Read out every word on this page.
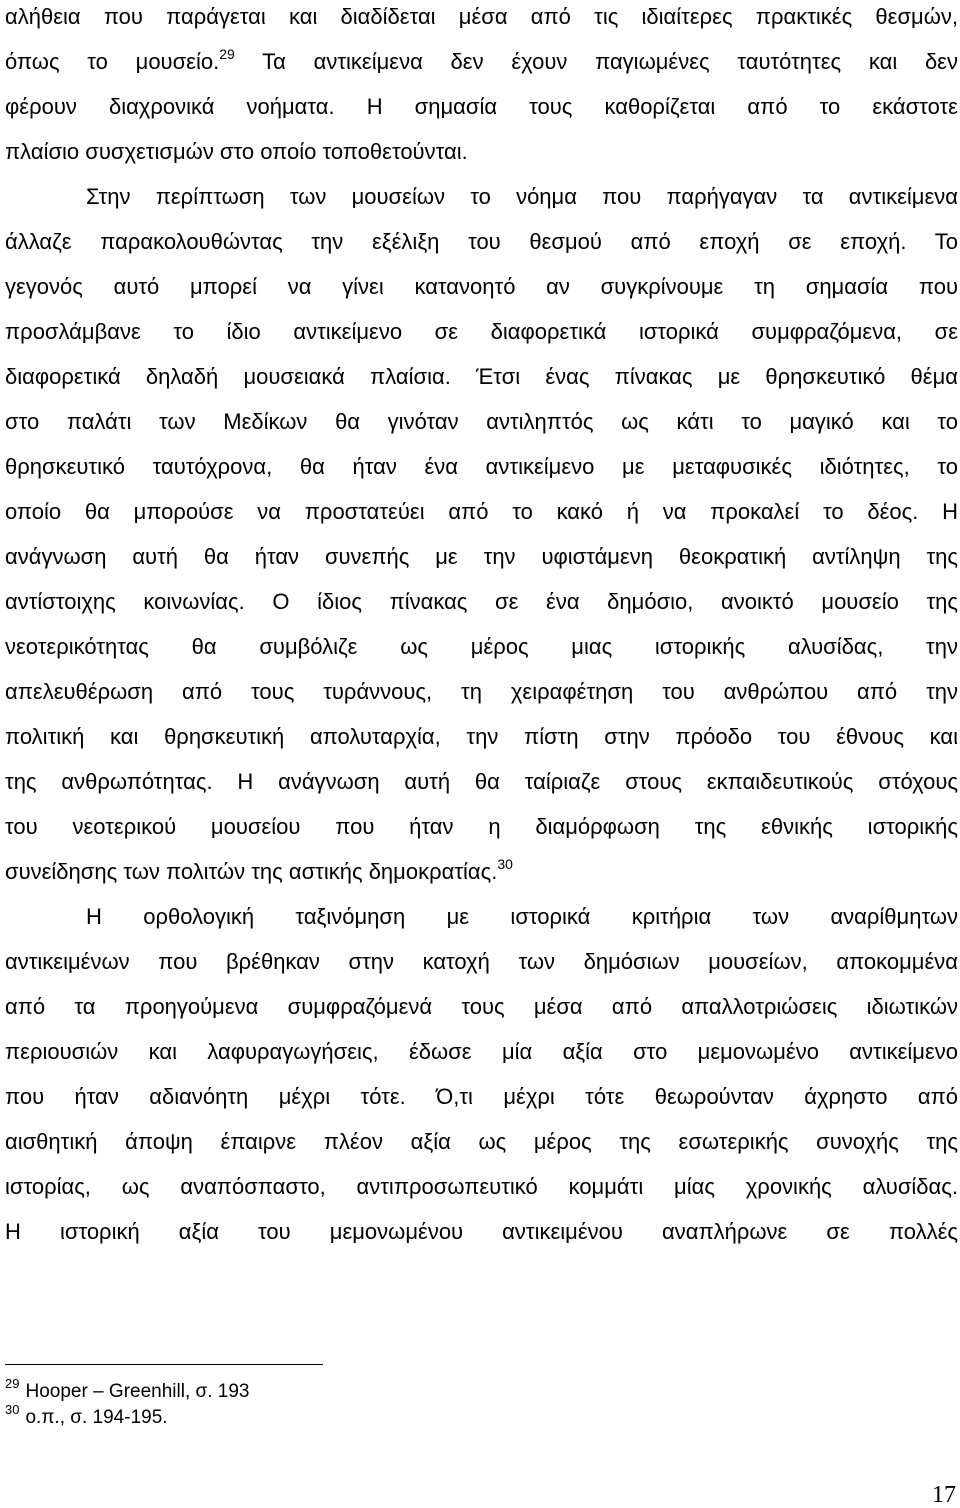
αλήθεια που παράγεται και διαδίδεται μέσα από τις ιδιαίτερες πρακτικές θεσμών,
όπως το μουσείο.$^{29}$ Τα αντικείμενα δεν έχουν παγιωμένες ταυτότητες και δεν
φέρουν διαχρονικά νοήματα. Η σημασία τους καθορίζεται από το εκάστοτε
πλαίσιο συσχετισμών στο οποίο τοποθετούνται.
Στην περίπτωση των μουσείων το νόημα που παρήγαγαν τα αντικείμενα
άλλαζε παρακολουθώντας την εξέλιξη του θεσμού από εποχή σε εποχή. Το
γεγονός αυτό μπορεί να γίνει κατανοητό αν συγκρίνουμε τη σημασία που
προσλάμβανε το ίδιο αντικείμενο σε διαφορετικά ιστορικά συμφραζόμενα, σε
διαφορετικά δηλαδή μουσειακά πλαίσια. Έτσι ένας πίνακας με θρησκευτικό θέμα
στο παλάτι των Μεδίκων θα γινόταν αντιληπτός ως κάτι το μαγικό και το
θρησκευτικό ταυτόχρονα, θα ήταν ένα αντικείμενο με μεταφυσικές ιδιότητες, το
οποίο θα μπορούσε να προστατεύει από το κακό ή να προκαλεί το δέος. Η
ανάγνωση αυτή θα ήταν συνεπής με την υφιστάμενη θεοκρατική αντίληψη της
αντίστοιχης κοινωνίας. Ο ίδιος πίνακας σε ένα δημόσιο, ανοικτό μουσείο της
νεοτερικότητας θα συμβόλιζε ως μέρος μιας ιστορικής αλυσίδας, την
απελευθέρωση από τους τυράννους, τη χειραφέτηση του ανθρώπου από την
πολιτική και θρησκευτική απολυταρχία, την πίστη στην πρόοδο του έθνους και
της ανθρωπότητας. Η ανάγνωση αυτή θα ταίριαζε στους εκπαιδευτικούς στόχους
του νεοτερικού μουσείου που ήταν η διαμόρφωση της εθνικής ιστορικής
συνείδησης των πολιτών της αστικής δημοκρατίας.$^{30}$
Η ορθολογική ταξινόμηση με ιστορικά κριτήρια των αναρίθμητων
αντικειμένων που βρέθηκαν στην κατοχή των δημόσιων μουσείων, αποκομμένα
από τα προηγούμενα συμφραζόμενά τους μέσα από απαλλοτριώσεις ιδιωτικών
περιουσιών και λαφυραγωγήσεις, έδωσε μία αξία στο μεμονωμένο αντικείμενο
που ήταν αδιανόητη μέχρι τότε. Ό,τι μέχρι τότε θεωρούνταν άχρηστο από
αισθητική άποψη έπαιρνε πλέον αξία ως μέρος της εσωτερικής συνοχής της
ιστορίας, ως αναπόσπαστο, αντιπροσωπευτικό κομμάτι μίας χρονικής αλυσίδας.
Η ιστορική αξία του μεμονωμένου αντικειμένου αναπλήρωνε σε πολλές
$^{29}$ Hooper – Greenhill, σ. 193
$^{30}$ ο.π., σ. 194-195.
17
